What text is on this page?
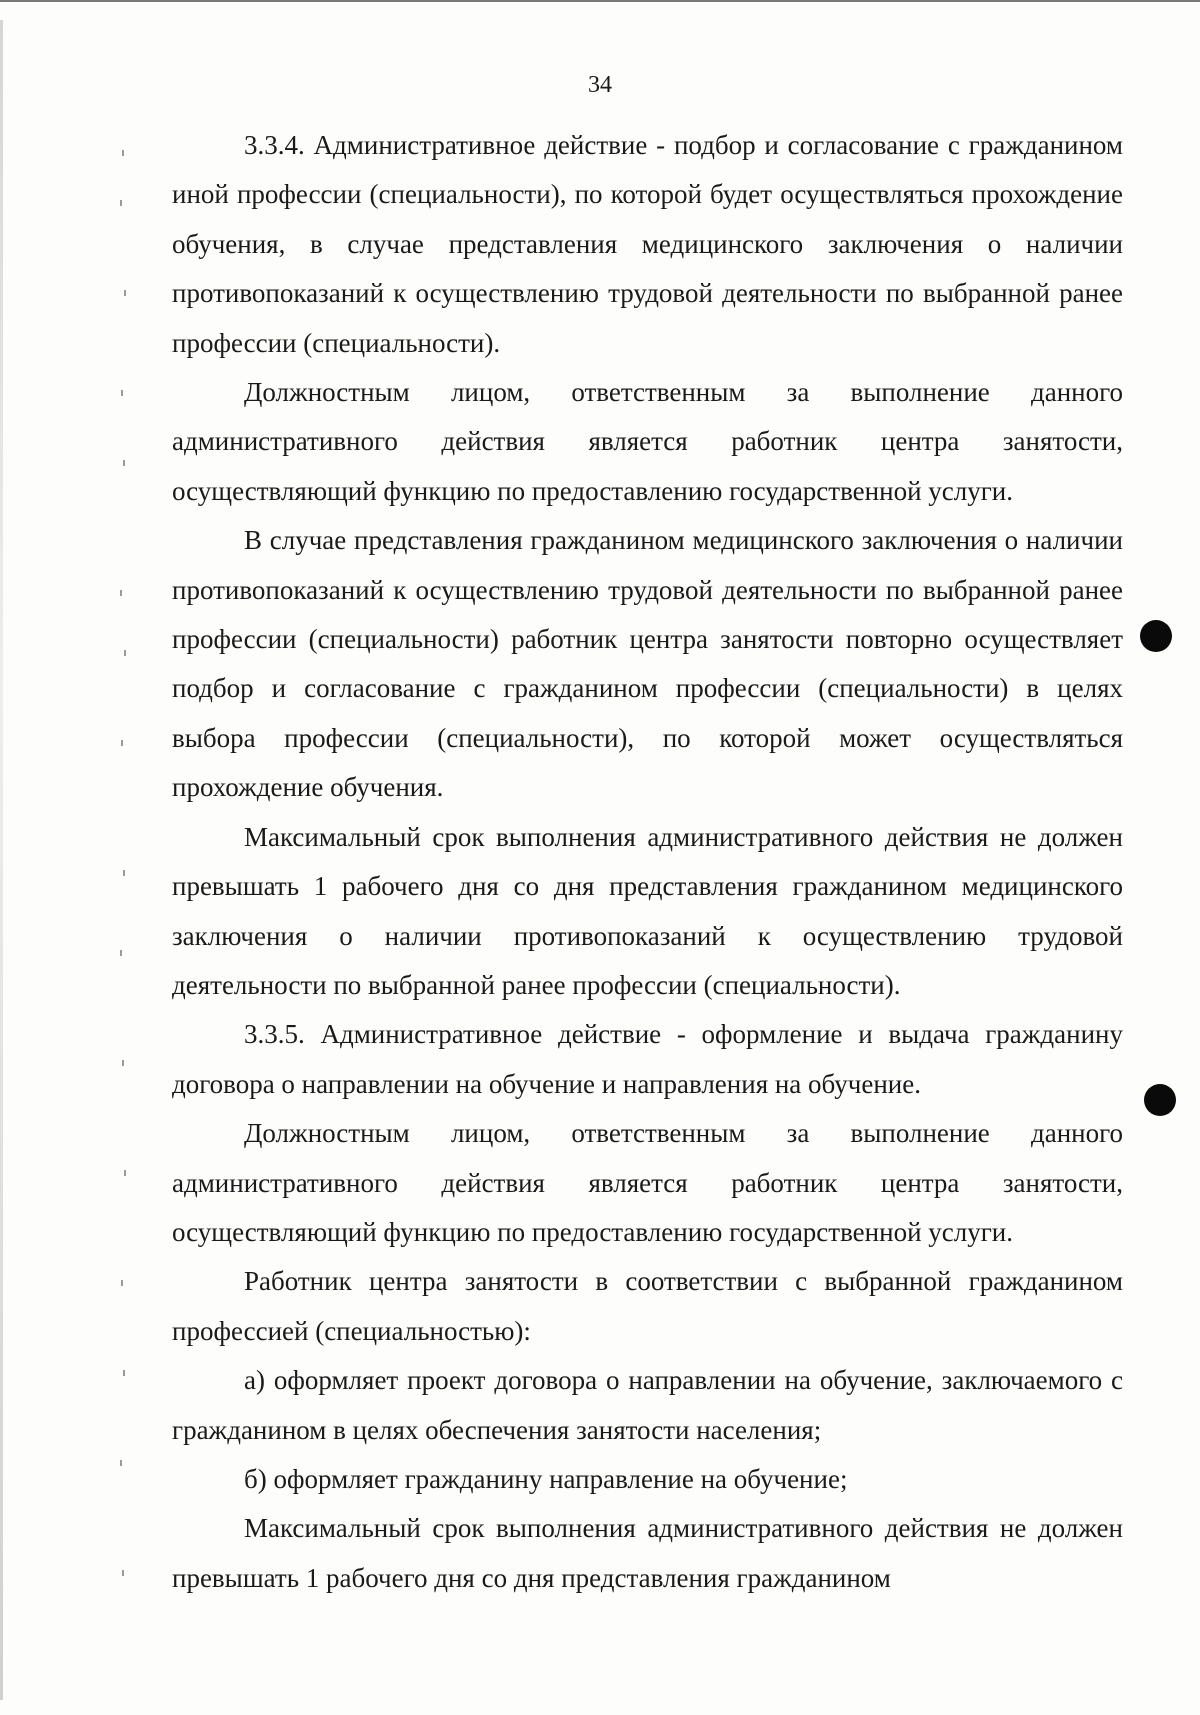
34

3.3.4. Административное действие - подбор и согласование с гражданином иной профессии (специальности), по которой будет осуществляться прохождение обучения, в случае представления медицинского заключения о наличии противопоказаний к осуществлению трудовой деятельности по выбранной ранее профессии (специальности).

Должностным лицом, ответственным за выполнение данного административного действия является работник центра занятости, осуществляющий функцию по предоставлению государственной услуги.

В случае представления гражданином медицинского заключения о наличии противопоказаний к осуществлению трудовой деятельности по выбранной ранее профессии (специальности) работник центра занятости повторно осуществляет подбор и согласование с гражданином профессии (специальности) в целях выбора профессии (специальности), по которой может осуществляться прохождение обучения.

Максимальный срок выполнения административного действия не должен превышать 1 рабочего дня со дня представления гражданином медицинского заключения о наличии противопоказаний к осуществлению трудовой деятельности по выбранной ранее профессии (специальности).

3.3.5. Административное действие - оформление и выдача гражданину договора о направлении на обучение и направления на обучение.

Должностным лицом, ответственным за выполнение данного административного действия является работник центра занятости, осуществляющий функцию по предоставлению государственной услуги.

Работник центра занятости в соответствии с выбранной гражданином профессией (специальностью):

а) оформляет проект договора о направлении на обучение, заключаемого с гражданином в целях обеспечения занятости населения;

б) оформляет гражданину направление на обучение;

Максимальный срок выполнения административного действия не должен превышать 1 рабочего дня со дня представления гражданином
